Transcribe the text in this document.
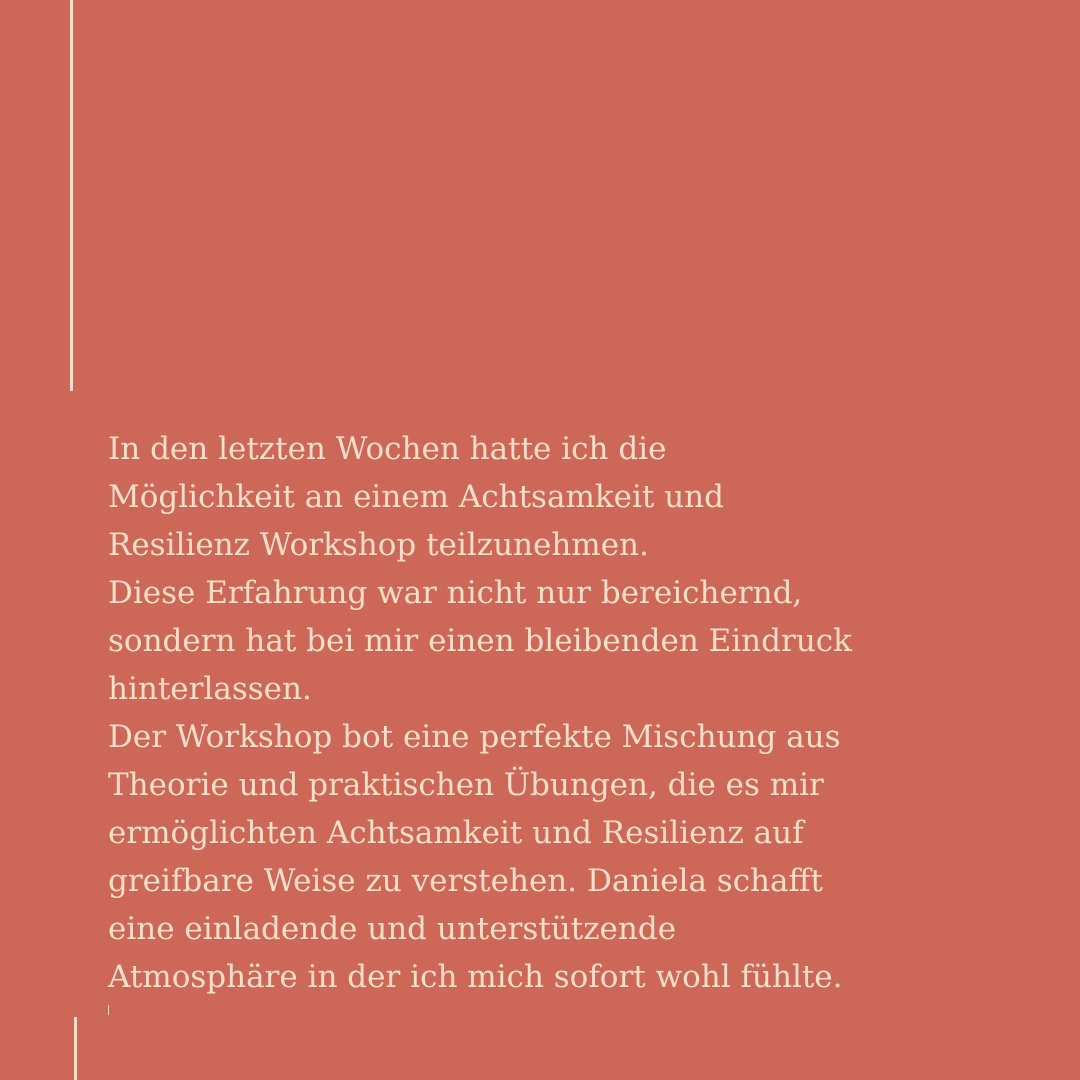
In den letzten Wochen hatte ich die
Möglichkeit an einem Achtsamkeit und
Resilienz Workshop teilzunehmen.
Diese Erfahrung war nicht nur bereichernd,
sondern hat bei mir einen bleibenden Eindruck
hinterlassen.
Der Workshop bot eine perfekte Mischung aus
Theorie und praktischen Übungen, die es mir
ermöglichten Achtsamkeit und Resilienz auf
greifbare Weise zu verstehen. Daniela schafft
eine einladende und unterstützende
Atmosphäre in der ich mich sofort wohl fühlte.
